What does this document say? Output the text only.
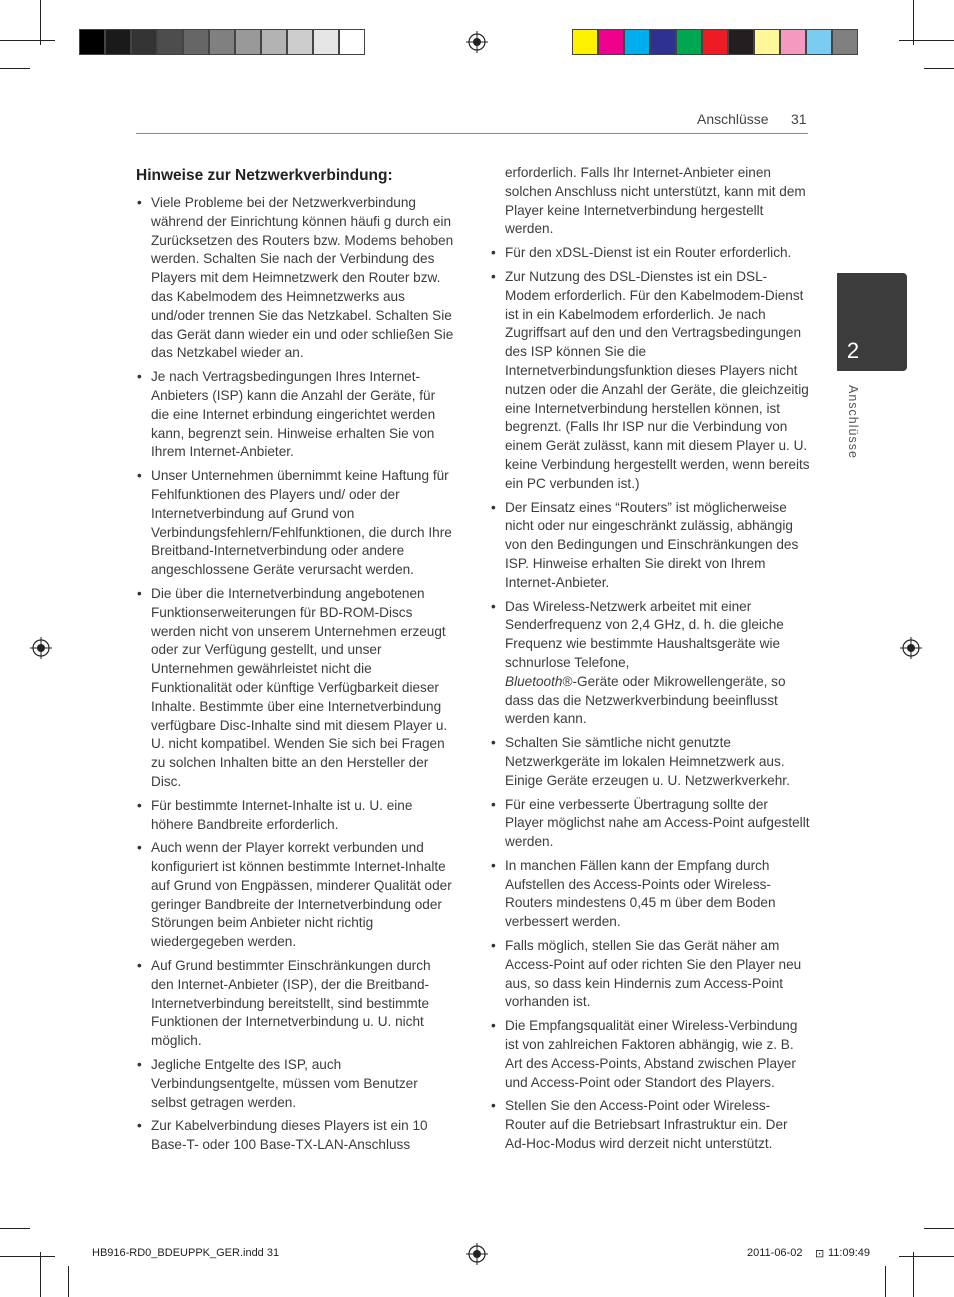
Anschlüsse 31
2
Anschlüsse
Hinweise zur Netzwerkverbindung:
• Viele Probleme bei der Netzwerkverbindung während der Einrichtung können häufi g durch ein Zurücksetzen des Routers bzw. Modems behoben werden. Schalten Sie nach der Verbindung des Players mit dem Heimnetzwerk den Router bzw. das Kabelmodem des Heimnetzwerks aus und/oder trennen Sie das Netzkabel. Schalten Sie das Gerät dann wieder ein und oder schließen Sie das Netzkabel wieder an.
• Je nach Vertragsbedingungen Ihres Internet-Anbieters (ISP) kann die Anzahl der Geräte, für die eine Internet erbindung eingerichtet werden kann, begrenzt sein. Hinweise erhalten Sie von Ihrem Internet-Anbieter.
• Unser Unternehmen übernimmt keine Haftung für Fehlfunktionen des Players und/ oder der Internetverbindung auf Grund von Verbindungsfehlern/Fehlfunktionen, die durch Ihre Breitband-Internetverbindung oder andere angeschlossene Geräte verursacht werden.
• Die über die Internetverbindung angebotenen Funktionserweiterungen für BD-ROM-Discs werden nicht von unserem Unternehmen erzeugt oder zur Verfügung gestellt, und unser Unternehmen gewährleistet nicht die Funktionalität oder künftige Verfügbarkeit dieser Inhalte. Bestimmte über eine Internetverbindung verfügbare Disc-Inhalte sind mit diesem Player u. U. nicht kompatibel. Wenden Sie sich bei Fragen zu solchen Inhalten bitte an den Hersteller der Disc.
• Für bestimmte Internet-Inhalte ist u. U. eine höhere Bandbreite erforderlich.
• Auch wenn der Player korrekt verbunden und konfiguriert ist können bestimmte Internet-Inhalte auf Grund von Engpässen, minderer Qualität oder geringer Bandbreite der Internetverbindung oder Störungen beim Anbieter nicht richtig wiedergegeben werden.
• Auf Grund bestimmter Einschränkungen durch den Internet-Anbieter (ISP), der die Breitband-Internetverbindung bereitstellt, sind bestimmte Funktionen der Internetverbindung u. U. nicht möglich.
• Jegliche Entgelte des ISP, auch Verbindungsentgelte, müssen vom Benutzer selbst getragen werden.
• Zur Kabelverbindung dieses Players ist ein 10 Base-T- oder 100 Base-TX-LAN-Anschluss

erforderlich. Falls Ihr Internet-Anbieter einen solchen Anschluss nicht unterstützt, kann mit dem Player keine Internetverbindung hergestellt werden.

• Für den xDSL-Dienst ist ein Router erforderlich.
• Zur Nutzung des DSL-Dienstes ist ein DSL-Modem erforderlich. Für den Kabelmodem-Dienst ist in ein Kabelmodem erforderlich. Je nach Zugriffsart auf den und den Vertragsbedingungen des ISP können Sie die Internetverbindungsfunktion dieses Players nicht nutzen oder die Anzahl der Geräte, die gleichzeitig eine Internetverbindung herstellen können, ist begrenzt. (Falls Ihr ISP nur die Verbindung von einem Gerät zulässt, kann mit diesem Player u. U. keine Verbindung hergestellt werden, wenn bereits ein PC verbunden ist.)
• Der Einsatz eines “Routers” ist möglicherweise nicht oder nur eingeschränkt zulässig, abhängig von den Bedingungen und Einschränkungen des ISP. Hinweise erhalten Sie direkt von Ihrem Internet-Anbieter.
• Das Wireless-Netzwerk arbeitet mit einer Senderfrequenz von 2,4 GHz, d. h. die gleiche Frequenz wie bestimmte Haushaltsgeräte wie schnurlose Telefone,
Bluetooth®-Geräte oder Mikrowellengeräte, so dass das die Netzwerkverbindung beeinflusst werden kann.
• Schalten Sie sämtliche nicht genutzte Netzwerkgeräte im lokalen Heimnetzwerk aus. Einige Geräte erzeugen u. U. Netzwerkverkehr.
• Für eine verbesserte Übertragung sollte der Player möglichst nahe am Access-Point aufgestellt werden.
• In manchen Fällen kann der Empfang durch Aufstellen des Access-Points oder Wireless-Routers mindestens 0,45 m über dem Boden verbessert werden.
• Falls möglich, stellen Sie das Gerät näher am Access-Point auf oder richten Sie den Player neu aus, so dass kein Hindernis zum Access-Point vorhanden ist.
• Die Empfangsqualität einer Wireless-Verbindung ist von zahlreichen Faktoren abhängig, wie z. B. Art des Access-Points, Abstand zwischen Player und Access-Point oder Standort des Players.
• Stellen Sie den Access-Point oder Wireless-Router auf die Betriebsart Infrastruktur ein. Der Ad-Hoc-Modus wird derzeit nicht unterstützt.
HB916-RD0_BDEUPPK_GER.indd 31	2011-06-02 ⊡ 11:09:49
